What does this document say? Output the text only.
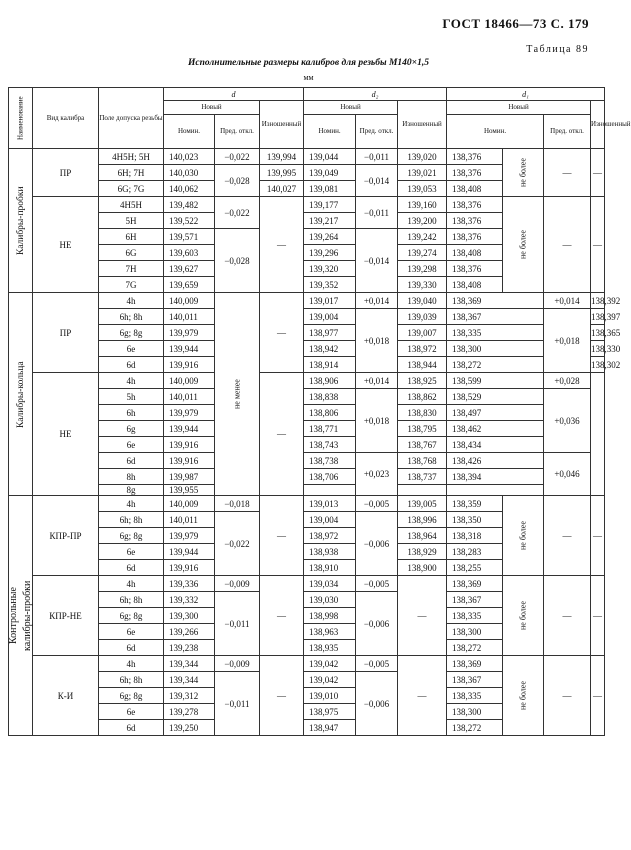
ГОСТ 18466—73 С. 179
Таблица 89
Исполнительные размеры калибров для резьбы М140×1,5
мм
Наименование	Вид калибра	Поле допуска резьбы	d			d₂			d₁			
			Новый		Изношенный	Новый		Изношенный	Новый			Изношенный
			Номин.	Пред. откл.		Номин.	Пред. откл.		Номин.		Пред. откл.	
Калибры-пробки	ПР	4H5H; 5H	140,023	−0,022	139,994	139,044	−0,011	139,020	138,376	не более	—	—
		6H; 7H	140,030	−0,028	139,995	139,049	−0,014	139,021	138,376			
		6G; 7G	140,062		140,027	139,081		139,053	138,408			
	НЕ	4H5H	139,482	−0,022	—	139,177	−0,011	139,160	138,376	не более	—	—
		5H	139,522			139,217		139,200	138,376			
		6H	139,571	−0,028		139,264	−0,014	139,242	138,376			
		6G	139,603			139,296		139,274	138,408			
		7H	139,627			139,320		139,298	138,376			
		7G	139,659			139,352		139,330	138,408			
Калибры-кольца	ПР	4h	140,009	не менее	—	139,017	+0,014	139,040	138,369		+0,014	138,392
		6h; 8h	140,011			139,004	+0,018	139,039	138,367		+0,018	138,397
		6g; 8g	139,979			138,977		139,007	138,335			138,365
		6e	139,944			138,942		138,972	138,300			138,330
		6d	139,916			138,914		138,944	138,272			138,302
	НЕ	4h	140,009		—	138,906	+0,014	138,925	138,599		+0,028	
		5h	140,011			138,838	+0,018	138,862	138,529		+0,036	
		6h	139,979			138,806		138,830	138,497			
		6g	139,944			138,771		138,795	138,462			
		6e	139,916			138,743		138,767	138,434			
		6d	139,916			138,738	+0,023	138,768	138,426		+0,046	
		8h	139,987			138,706		138,737	138,394			
		8g	139,955									

Контрольные калибры-пробки	КПР-ПР	4h	140,009	−0,018	—	139,013	−0,005	139,005	138,359	не более	—	—
		6h; 8h	140,011	−0,022		139,004	−0,006	138,996	138,350			
		6g; 8g	139,979			138,972		138,964	138,318			
		6e	139,944			138,938		138,929	138,283			
		6d	139,916			138,910		138,900	138,255			
	КПР-НЕ	4h	139,336	−0,009	—	139,034	−0,005	—	138,369	не более	—	—
		6h; 8h	139,332	−0,011		139,030	−0,006		138,367			
		6g; 8g	139,300			138,998			138,335			
		6e	139,266			138,963			138,300			
		6d	139,238			138,935			138,272			
	К-И	4h	139,344	−0,009	—	139,042	−0,005	—	138,369	не более	—	—
		6h; 8h	139,344	−0,011		139,042	−0,006		138,367			
		6g; 8g	139,312			139,010			138,335			
		6e	139,278			138,975			138,300			
		6d	139,250			138,947			138,272			
